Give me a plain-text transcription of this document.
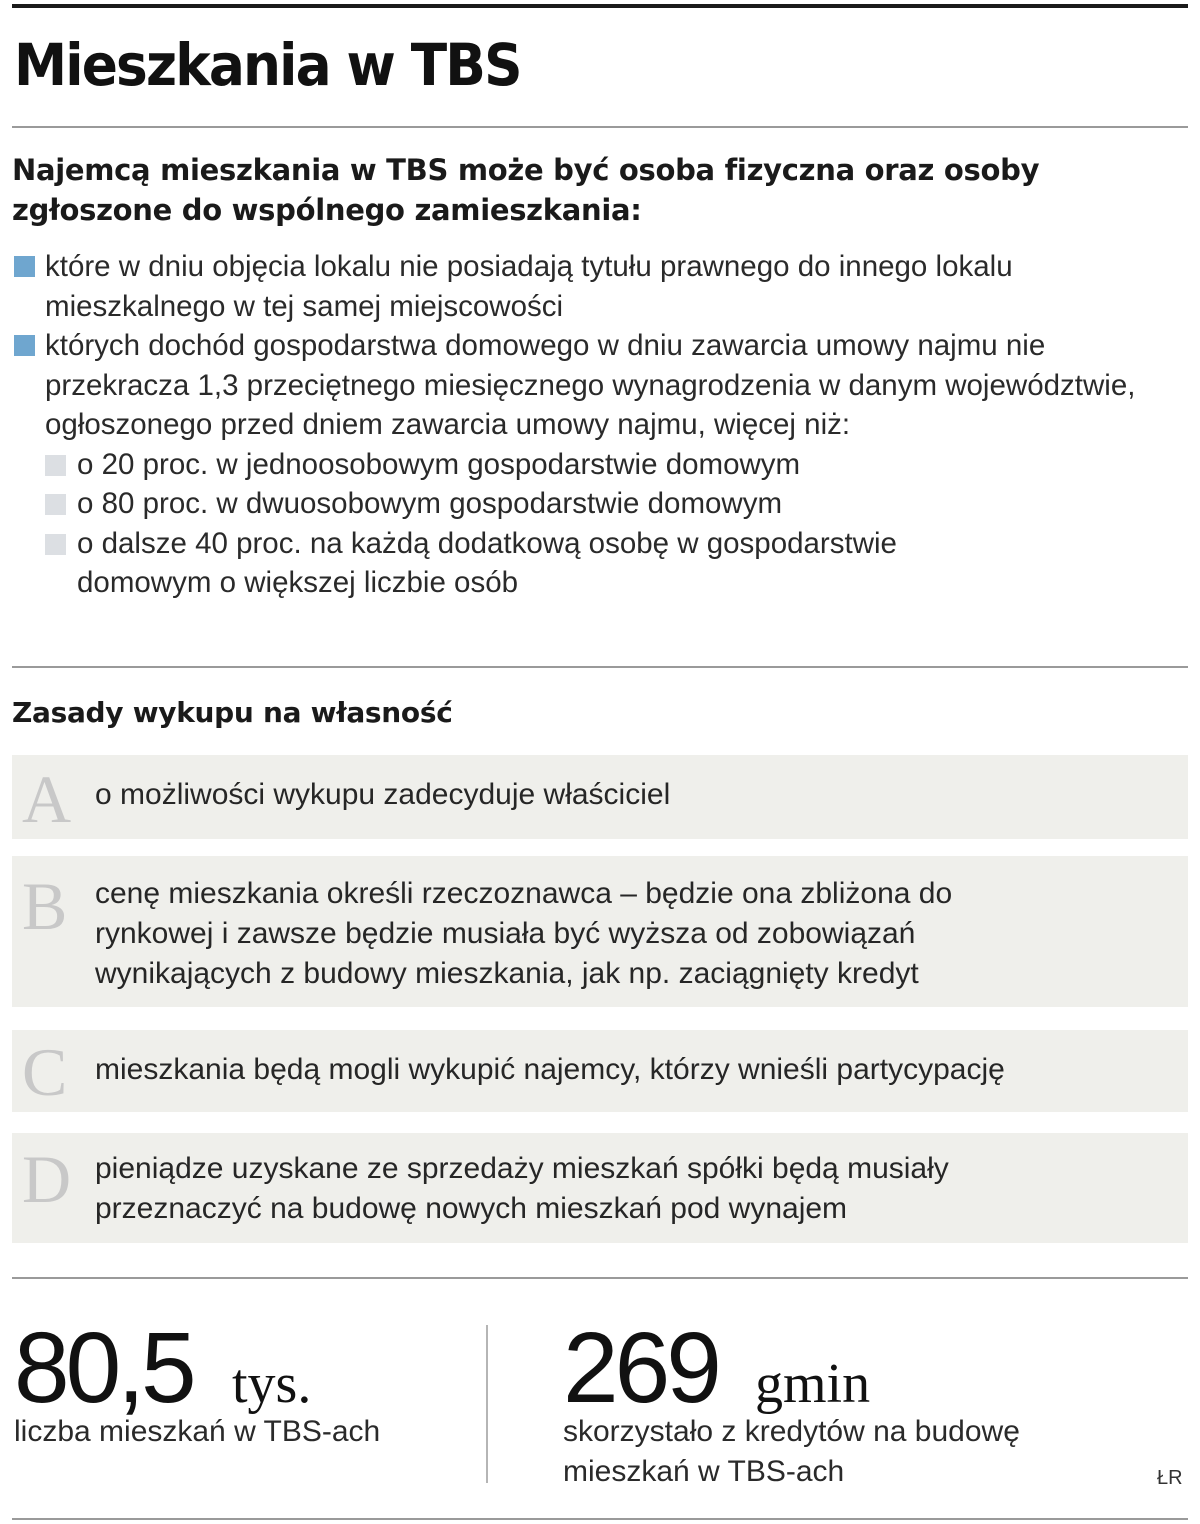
Mieszkania w TBS

Najemcą mieszkania w TBS może być osoba fizyczna oraz osoby zgłoszone do wspólnego zamieszkania:

które w dniu objęcia lokalu nie posiadają tytułu prawnego do innego lokalu mieszkalnego w tej samej miejscowości
których dochód gospodarstwa domowego w dniu zawarcia umowy najmu nie przekracza 1,3 przeciętnego miesięcznego wynagrodzenia w danym województwie, ogłoszonego przed dniem zawarcia umowy najmu, więcej niż:
o 20 proc. w jednoosobowym gospodarstwie domowym
o 80 proc. w dwuosobowym gospodarstwie domowym
o dalsze 40 proc. na każdą dodatkową osobę w gospodarstwie domowym o większej liczbie osób
Zasady wykupu na własność
A o możliwości wykupu zadecyduje właściciel
B cenę mieszkania określi rzeczoznawca – będzie ona zbliżona do rynkowej i zawsze będzie musiała być wyższa od zobowiązań wynikających z budowy mieszkania, jak np. zaciągnięty kredyt
C mieszkania będą mogli wykupić najemcy, którzy wnieśli partycypację
D pieniądze uzyskane ze sprzedaży mieszkań spółki będą musiały przeznaczyć na budowę nowych mieszkań pod wynajem
80,5 tys.
liczba mieszkań w TBS-ach
269 gmin
skorzystało z kredytów na budowę mieszkań w TBS-ach	ŁR
